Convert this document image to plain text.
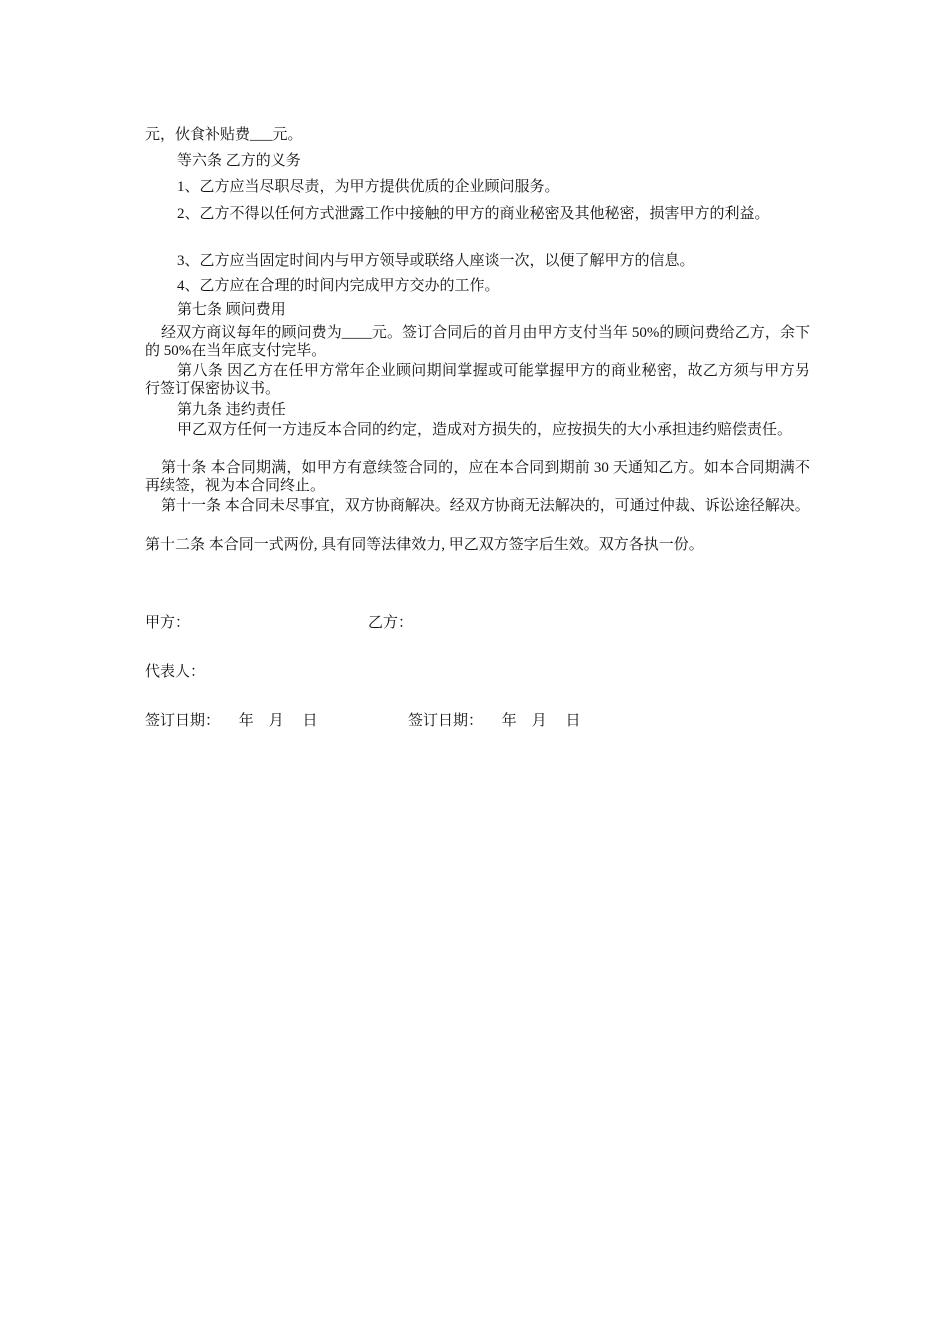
元，伙食补贴费___元。

等六条 乙方的义务

1、乙方应当尽职尽责，为甲方提供优质的企业顾问服务。

2、乙方不得以任何方式泄露工作中接触的甲方的商业秘密及其他秘密，损害甲方的利益。

3、乙方应当固定时间内与甲方领导或联络人座谈一次，以便了解甲方的信息。

4、乙方应在合理的时间内完成甲方交办的工作。

第七条 顾问费用

经双方商议每年的顾问费为____元。签订合同后的首月由甲方支付当年 50%的顾问费给乙方，余下的 50%在当年底支付完毕。

第八条 因乙方在任甲方常年企业顾问期间掌握或可能掌握甲方的商业秘密，故乙方须与甲方另行签订保密协议书。

第九条 违约责任

甲乙双方任何一方违反本合同的约定，造成对方损失的，应按损失的大小承担违约赔偿责任。

第十条 本合同期满，如甲方有意续签合同的，应在本合同到期前 30 天通知乙方。如本合同期满不再续签，视为本合同终止。

第十一条 本合同未尽事宜，双方协商解决。经双方协商无法解决的，可通过仲裁、诉讼途径解决。

第十二条 本合同一式两份, 具有同等法律效力, 甲乙双方签字后生效。双方各执一份。

甲方：	乙方：

代表人：

签订日期：     年    月     日	签订日期：     年    月     日
